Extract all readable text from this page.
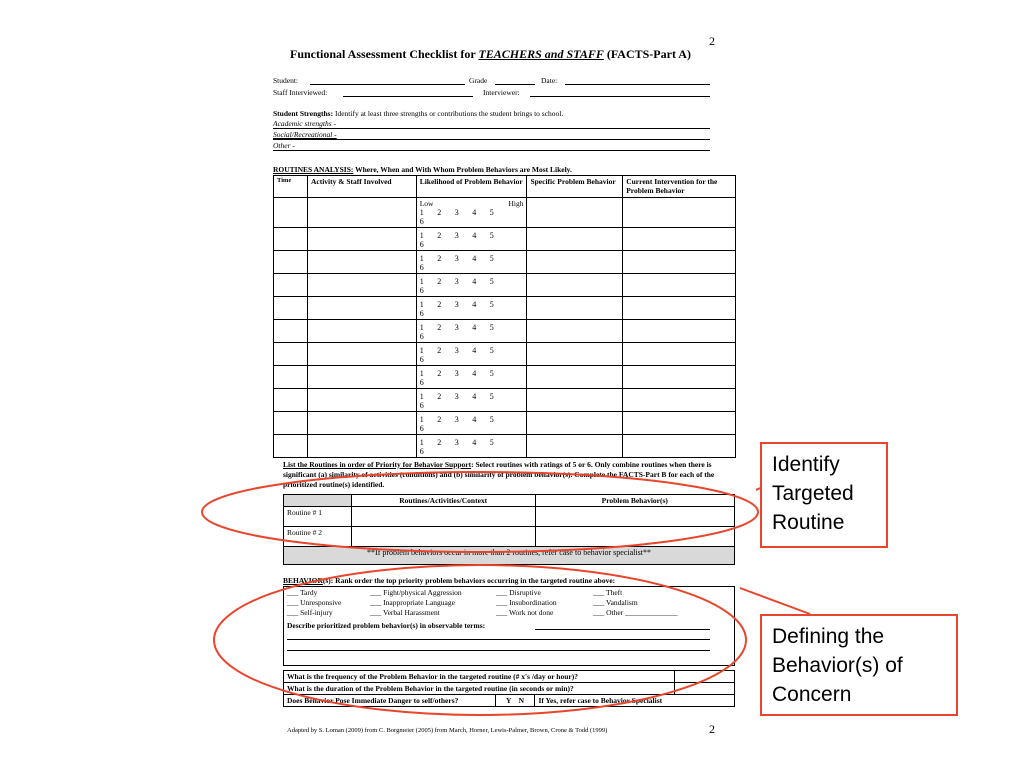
2
2
Functional Assessment Checklist for TEACHERS and STAFF (FACTS-Part A)
Student:	Grade	Date:
Staff Interviewed:	Interviewer:
Student Strengths: Identify at least three strengths or contributions the student brings to school.
Academic strengths -
Social/Recreational -
Other -
ROUTINES ANALYSIS: Where, When and With Whom Problem Behaviors are Most Likely.
Time	Activity & Staff Involved	Likelihood of Problem Behavior	Specific Problem Behavior	Current Intervention for the Problem Behavior

		Low High
1 2 3 4 56		

		1 2 3 4 56		

		1 2 3 4 56		

		1 2 3 4 56		

		1 2 3 4 56		

		1 2 3 4 56		

		1 2 3 4 56		

		1 2 3 4 56		

		1 2 3 4 56		

		1 2 3 4 56		

		1 2 3 4 56		

List the Routines in order of Priority for Behavior Support: Select routines with ratings of 5 or 6. Only combine routines when there is significant (a) similarity of activities (conditions) and (b) similarity of problem behavior(s). Complete the FACTS-Part B for each of the prioritized routine(s) identified.
	Routines/Activities/Context	Problem Behavior(s)
Routine # 1		
Routine # 2		
**If problem behaviors occur in more than 2 routines, refer case to behavior specialist**		
BEHAVIOR(s): Rank order the top priority problem behaviors occurring in the targeted routine above:
___ Tardy	___ Fight/physical Aggression	___ Disruptive	___ Theft
___ Unresponsive	___ Inappropriate Language	___ Insubordination	___ Vandalism
___ Self-injury	___ Verbal Harassment	___ Work not done	___ Other ______________
Describe prioritized problem behavior(s) in observable terms:
What is the frequency of the Problem Behavior in the targeted routine (# x's /day or hour)?			
What is the duration of the Problem Behavior in the targeted routine (in seconds or min)?			
Does Behavior Pose Immediate Danger to self/others?	Y    N	If Yes, refer case to Behavior Specialist	
Adapted by S. Loman (2009) from C. Borgmeier (2005) from March, Horner, Lewis-Palmer, Brown, Crone & Todd (1999)
Identify Targeted Routine
Defining the Behavior(s) of Concern
